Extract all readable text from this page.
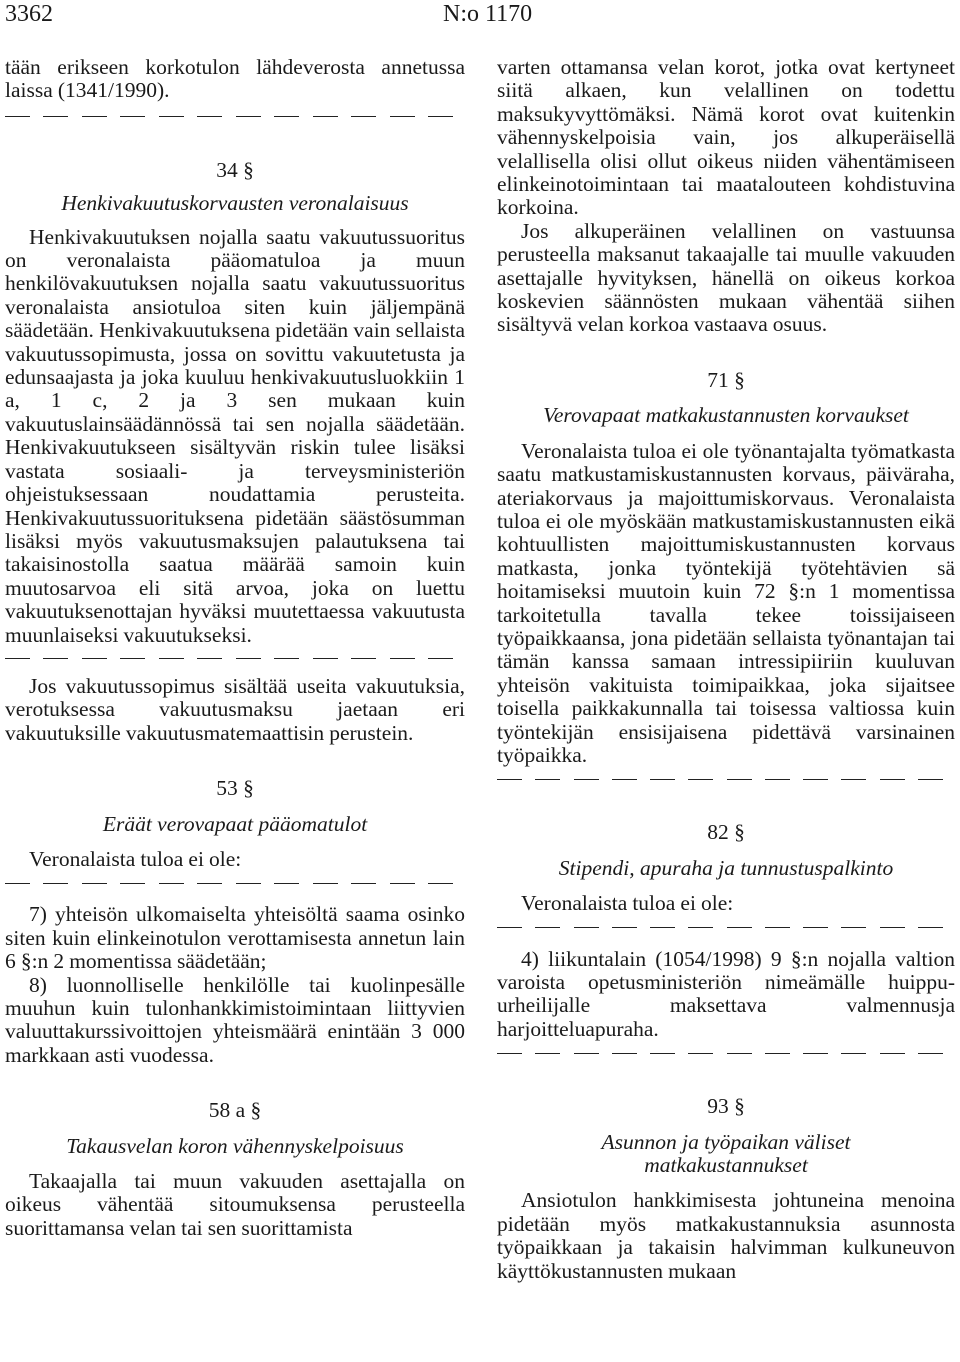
3362	N:o 1170

tään erikseen korkotulon lähdeverosta annetussa laissa (1341/1990).

34 §
Henkivakuutuskorvausten veronalaisuus

Henkivakuutuksen nojalla saatu vakuutussuoritus on veronalaista pääomatuloa ja muun henkilövakuutuksen nojalla saatu vakuutussuoritus veronalaista ansiotuloa siten kuin jäljempänä säädetään. Henkivakuutuksena pidetään vain sellaista vakuutussopimusta, jossa on sovittu vakuutetusta ja edunsaajasta ja joka kuuluu henkivakuutusluokkiin 1 a, 1 c, 2 ja 3 sen mukaan kuin vakuutuslainsäädännössä tai sen nojalla säädetään. Henkivakuutukseen sisältyvän riskin tulee lisäksi vastata sosiaali- ja terveysministeriön ohjeistuksessaan noudattamia perusteita. Henkivakuutussuorituksena pidetään säästösumman lisäksi myös vakuutusmaksujen palautuksena tai takaisinostolla saatua määrää samoin kuin muutosarvoa eli sitä arvoa, joka on luettu vakuutuksenottajan hyväksi muutettaessa vakuutusta muunlaiseksi vakuutukseksi.

Jos vakuutussopimus sisältää useita vakuutuksia, verotuksessa vakuutusmaksu jaetaan eri vakuutuksille vakuutusmatemaattisin perustein.

53 §
Eräät verovapaat pääomatulot

Veronalaista tuloa ei ole:

7) yhteisön ulkomaiselta yhteisöltä saama osinko siten kuin elinkeinotulon verottamisesta annetun lain 6 §:n 2 momentissa säädetään;

8) luonnolliselle henkilölle tai kuolinpesälle muuhun kuin tulonhankkimistoimintaan liittyvien valuuttakurssivoittojen yhteismäärä enintään 3 000 markkaan asti vuodessa.

58 a §
Takausvelan koron vähennyskelpoisuus

Takaajalla tai muun vakuuden asettajalla on oikeus vähentää sitoumuksensa perusteella suorittamansa velan tai sen suorittamista

varten ottamansa velan korot, jotka ovat kertyneet siitä alkaen, kun velallinen on todettu maksukyvyttömäksi. Nämä korot ovat kuitenkin vähennyskelpoisia vain, jos alkuperäisellä velallisella olisi ollut oikeus niiden vähentämiseen elinkeinotoimintaan tai maatalouteen kohdistuvina korkoina.

Jos alkuperäinen velallinen on vastuunsa perusteella maksanut takaajalle tai muulle vakuuden asettajalle hyvityksen, hänellä on oikeus korkoa koskevien säännösten mukaan vähentää siihen sisältyvä velan korkoa vastaava osuus.

71 §
Verovapaat matkakustannusten korvaukset

Veronalaista tuloa ei ole työnantajalta työmatkasta saatu matkustamiskustannusten korvaus, päiväraha, ateriakorvaus ja majoittumiskorvaus. Veronalaista tuloa ei ole myöskään matkustamiskustannusten eikä kohtuullisten majoittumiskustannusten korvaus matkasta, jonka työntekijä työtehtävien sä hoitamiseksi muutoin kuin 72 §:n 1 momentissa tarkoitetulla tavalla tekee toissijaiseen työpaikkaansa, jona pidetään sellaista työnantajan tai tämän kanssa samaan intressipiiriin kuuluvan yhteisön vakituista toimipaikkaa, joka sijaitsee toisella paikkakunnalla tai toisessa valtiossa kuin työntekijän ensisijaisena pidettävä varsinainen työpaikka.

82 §
Stipendi, apuraha ja tunnustuspalkinto

Veronalaista tuloa ei ole:

4) liikuntalain (1054/1998) 9 §:n nojalla valtion varoista opetusministeriön nimeämälle huippu-urheilijalle maksettava valmennusja harjoitteluapuraha.

93 §
Asunnon ja työpaikan väliset matkakustannukset

Ansiotulon hankkimisesta johtuneina menoina pidetään myös matkakustannuksia asunnosta työpaikkaan ja takaisin halvimman kulkuneuvon käyttökustannusten mukaan
